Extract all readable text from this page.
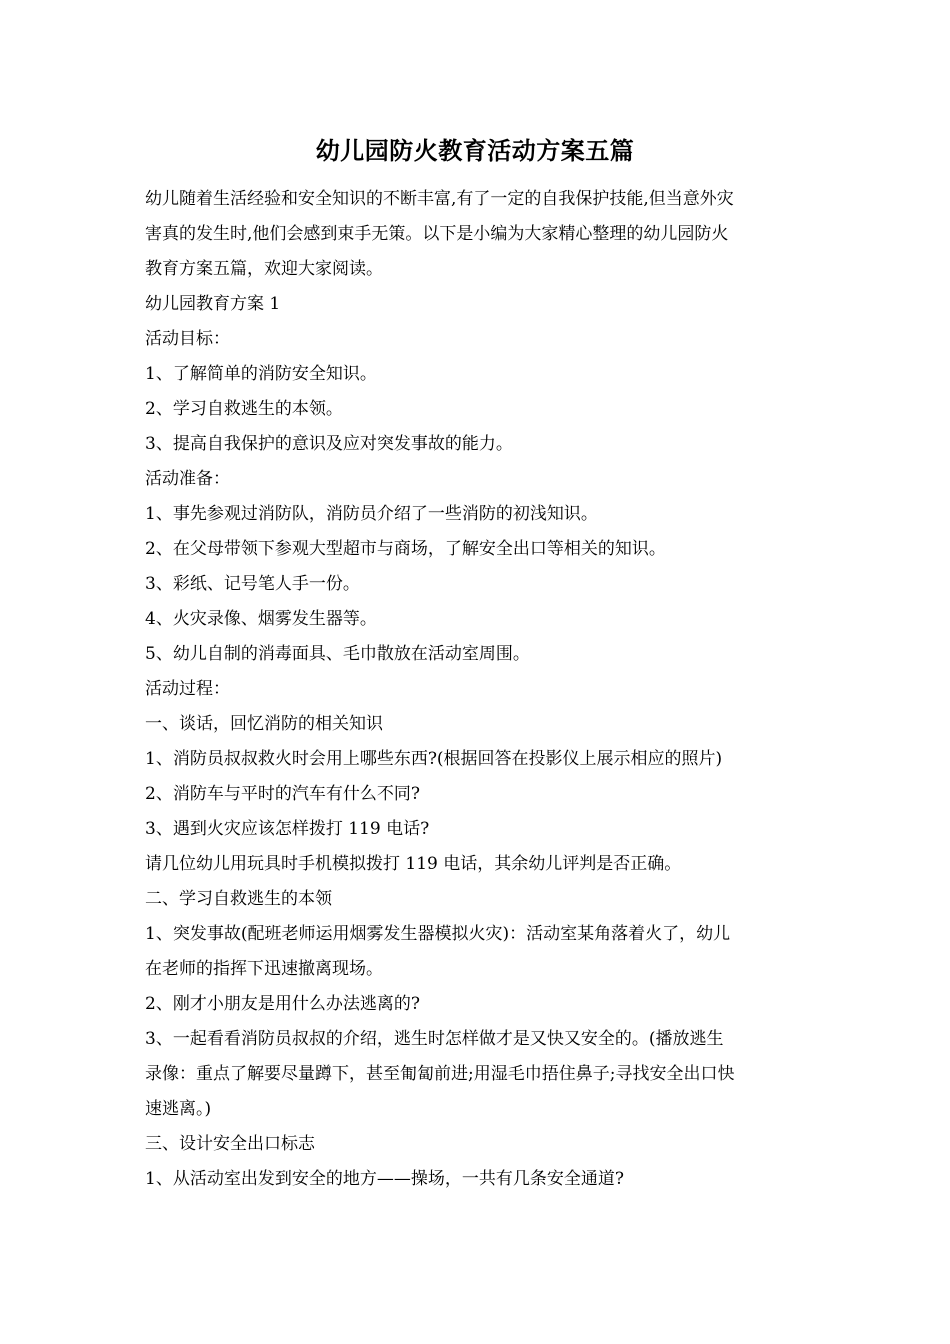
幼儿园防火教育活动方案五篇
幼儿随着生活经验和安全知识的不断丰富,有了一定的自我保护技能,但当意外灾
害真的发生时,他们会感到束手无策。以下是小编为大家精心整理的幼儿园防火
教育方案五篇，欢迎大家阅读。
幼儿园教育方案 1
活动目标：
1、了解简单的消防安全知识。
2、学习自救逃生的本领。
3、提高自我保护的意识及应对突发事故的能力。
活动准备：
1、事先参观过消防队，消防员介绍了一些消防的初浅知识。
2、在父母带领下参观大型超市与商场，了解安全出口等相关的知识。
3、彩纸、记号笔人手一份。
4、火灾录像、烟雾发生器等。
5、幼儿自制的消毒面具、毛巾散放在活动室周围。
活动过程：
一、谈话，回忆消防的相关知识
1、消防员叔叔救火时会用上哪些东西?(根据回答在投影仪上展示相应的照片)
2、消防车与平时的汽车有什么不同?
3、遇到火灾应该怎样拨打 119 电话?
请几位幼儿用玩具时手机模拟拨打 119 电话，其余幼儿评判是否正确。
二、学习自救逃生的本领
1、突发事故(配班老师运用烟雾发生器模拟火灾)：活动室某角落着火了，幼儿
在老师的指挥下迅速撤离现场。
2、刚才小朋友是用什么办法逃离的?
3、一起看看消防员叔叔的介绍，逃生时怎样做才是又快又安全的。(播放逃生
录像：重点了解要尽量蹲下，甚至匍匐前进;用湿毛巾捂住鼻子;寻找安全出口快
速逃离。)
三、设计安全出口标志
1、从活动室出发到安全的地方——操场，一共有几条安全通道?
